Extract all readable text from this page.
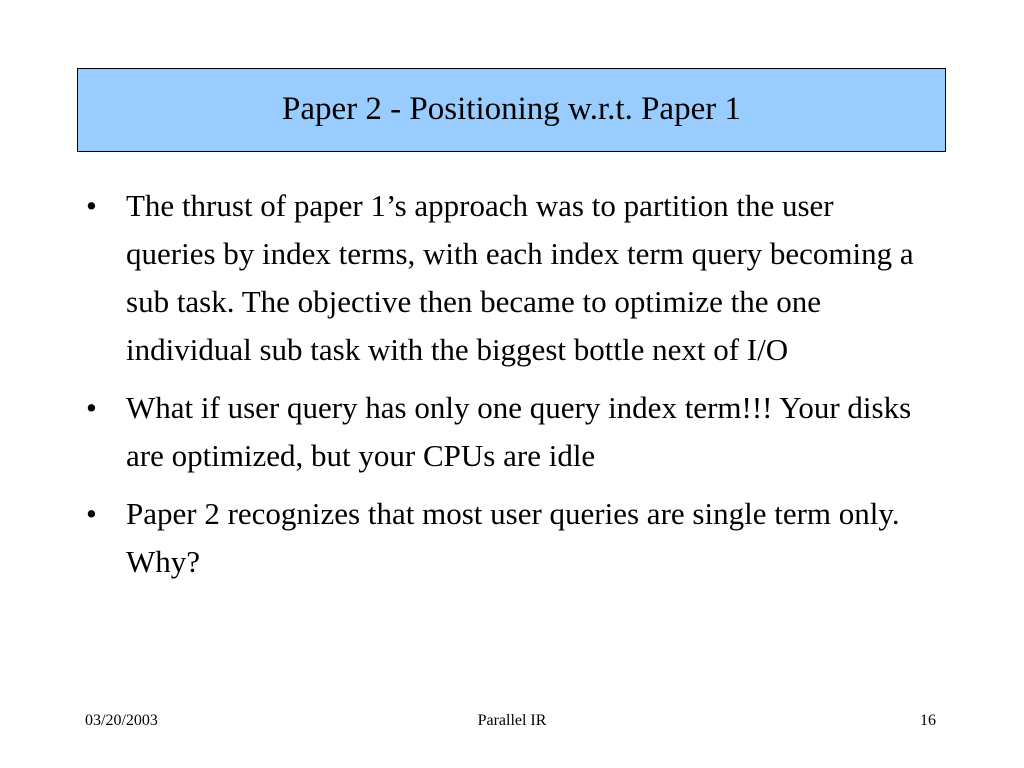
Paper 2 - Positioning w.r.t. Paper 1
• The thrust of paper 1’s approach was to partition the user queries by index terms, with each index term query becoming a sub task. The objective then became to optimize the one individual sub task with the biggest bottle next of I/O
• What if user query has only one query index term!!! Your disks are optimized, but your CPUs are idle
• Paper 2 recognizes that most user queries are single term only. Why?
03/20/2003	Parallel IR	16
